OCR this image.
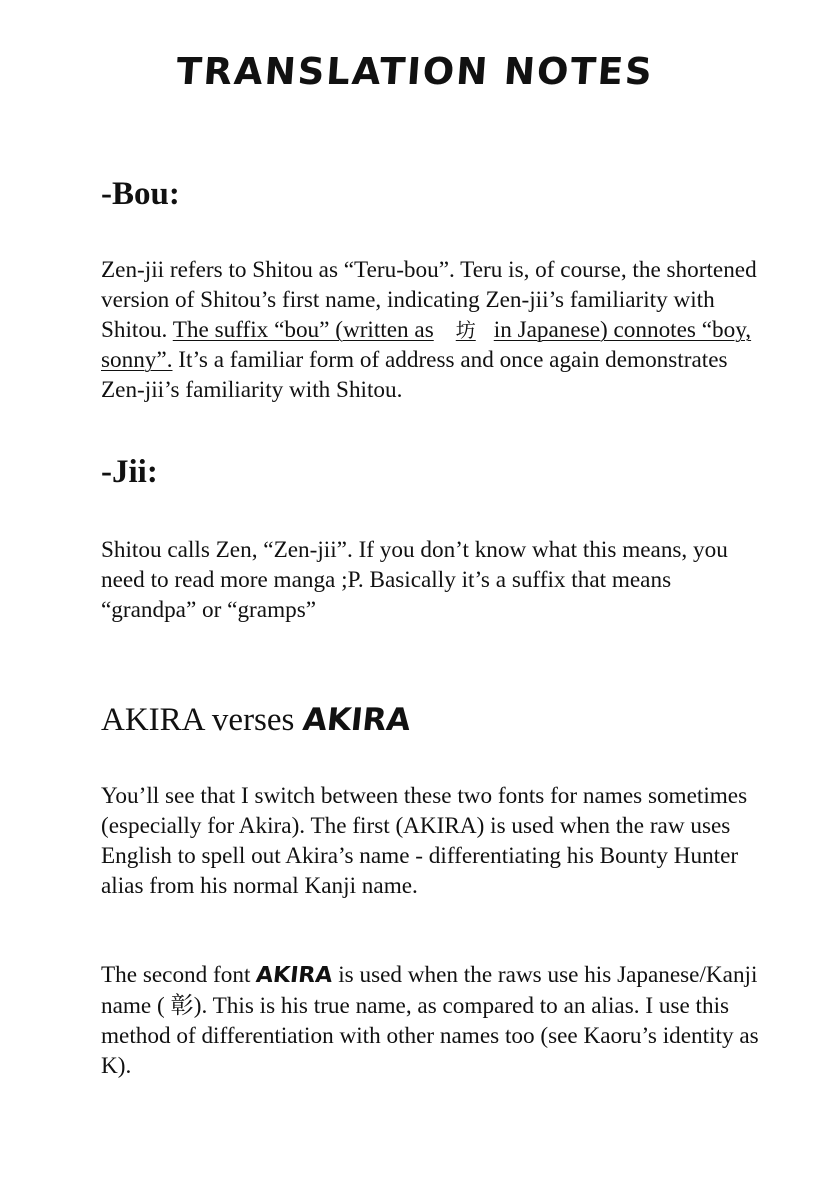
TRANSLATION NOTES
-Bou:

Zen-jii refers to Shitou as “Teru-bou”. Teru is, of course, the shortened version of Shitou’s first name, indicating Zen-jii’s familiarity with Shitou. The suffix “bou” (written as 坊 in Japanese) connotes “boy, sonny”. It’s a familiar form of address and once again demonstrates Zen-jii’s familiarity with Shitou.

-Jii:

Shitou calls Zen, “Zen-jii”. If you don’t know what this means, you need to read more manga ;P. Basically it’s a suffix that means “grandpa” or “gramps”

AKIRA verses AKIRA

You’ll see that I switch between these two fonts for names sometimes (especially for Akira). The first (AKIRA) is used when the raw uses English to spell out Akira’s name - differentiating his Bounty Hunter alias from his normal Kanji name.

The second font AKIRA is used when the raws use his Japanese/Kanji name ( 彰). This is his true name, as compared to an alias. I use this method of differentiation with other names too (see Kaoru’s identity as K).
